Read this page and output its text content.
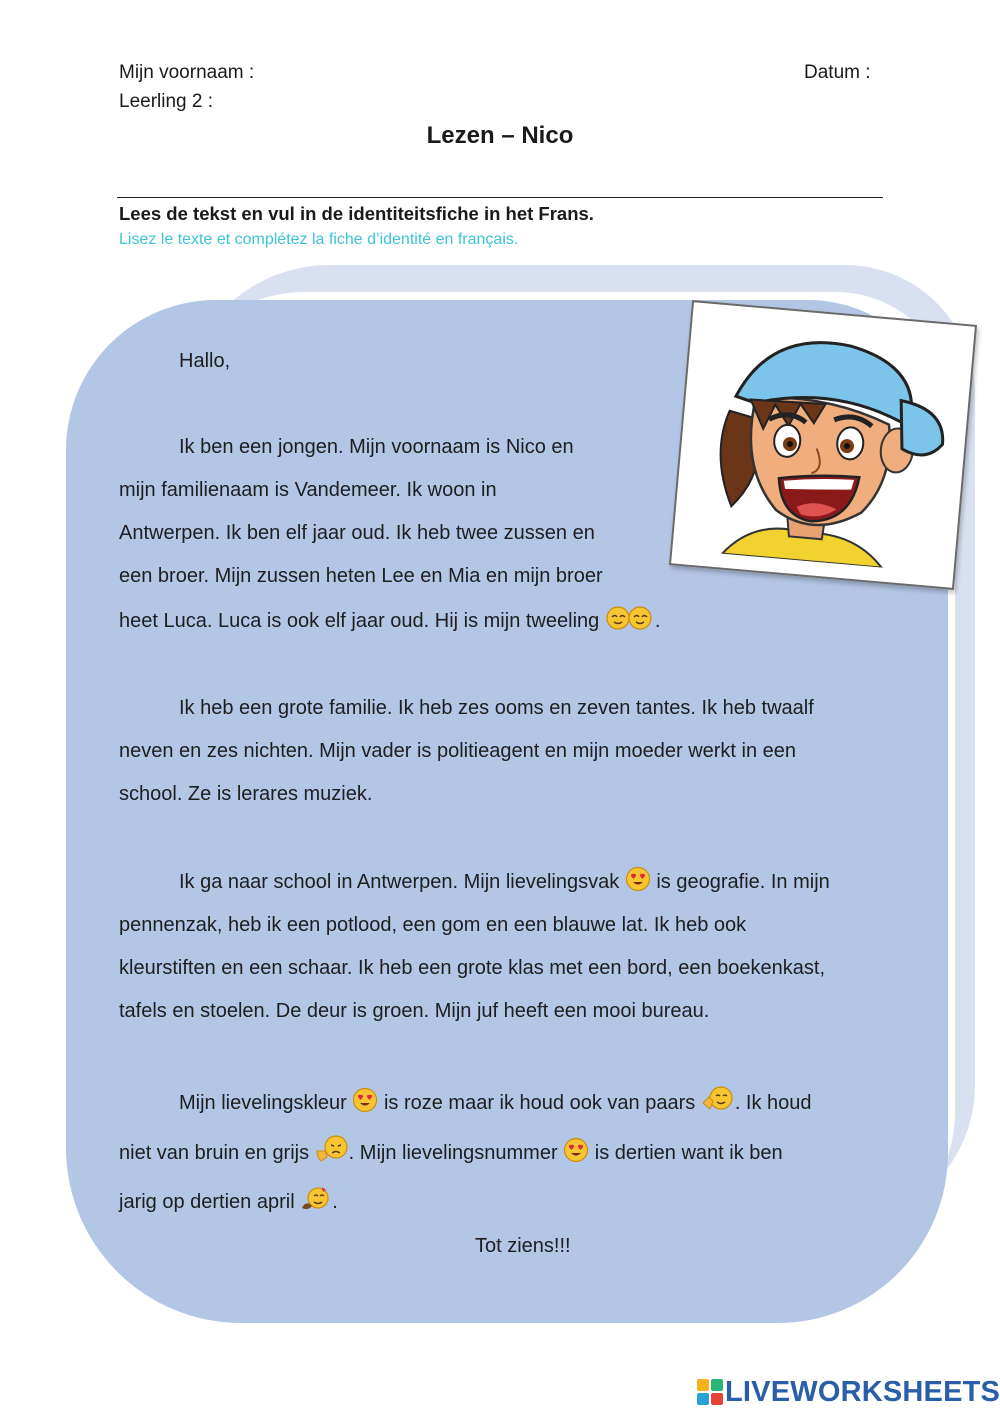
Mijn voornaam :	Datum :
Leerling 2 :
Lezen – Nico
Lees de tekst en vul in de identiteitsfiche in het Frans.
Lisez le texte et complétez la fiche d’identité en français.
Hallo,
Ik ben een jongen. Mijn voornaam is Nico en
mijn familienaam is Vandemeer. Ik woon in
Antwerpen. Ik ben elf jaar oud. Ik heb twee zussen en
een broer. Mijn zussen heten Lee en Mia en mijn broer
heet Luca. Luca is ook elf jaar oud. Hij is mijn tweeling	.
Ik heb een grote familie. Ik heb zes ooms en zeven tantes. Ik heb twaalf
neven en zes nichten. Mijn vader is politieagent en mijn moeder werkt in een
school. Ze is lerares muziek.
Ik ga naar school in Antwerpen. Mijn lievelingsvak is geografie. In mijn
pennenzak, heb ik een potlood, een gom en een blauwe lat. Ik heb ook
kleurstiften en een schaar. Ik heb een grote klas met een bord, een boekenkast,
tafels en stoelen. De deur is groen. Mijn juf heeft een mooi bureau.
Mijn lievelingskleur is roze maar ik houd ook van paars . Ik houd
niet van bruin en grijs . Mijn lievelingsnummer is dertien want ik ben
jarig op dertien april .
Tot ziens!!!
LIVEWORKSHEETS
